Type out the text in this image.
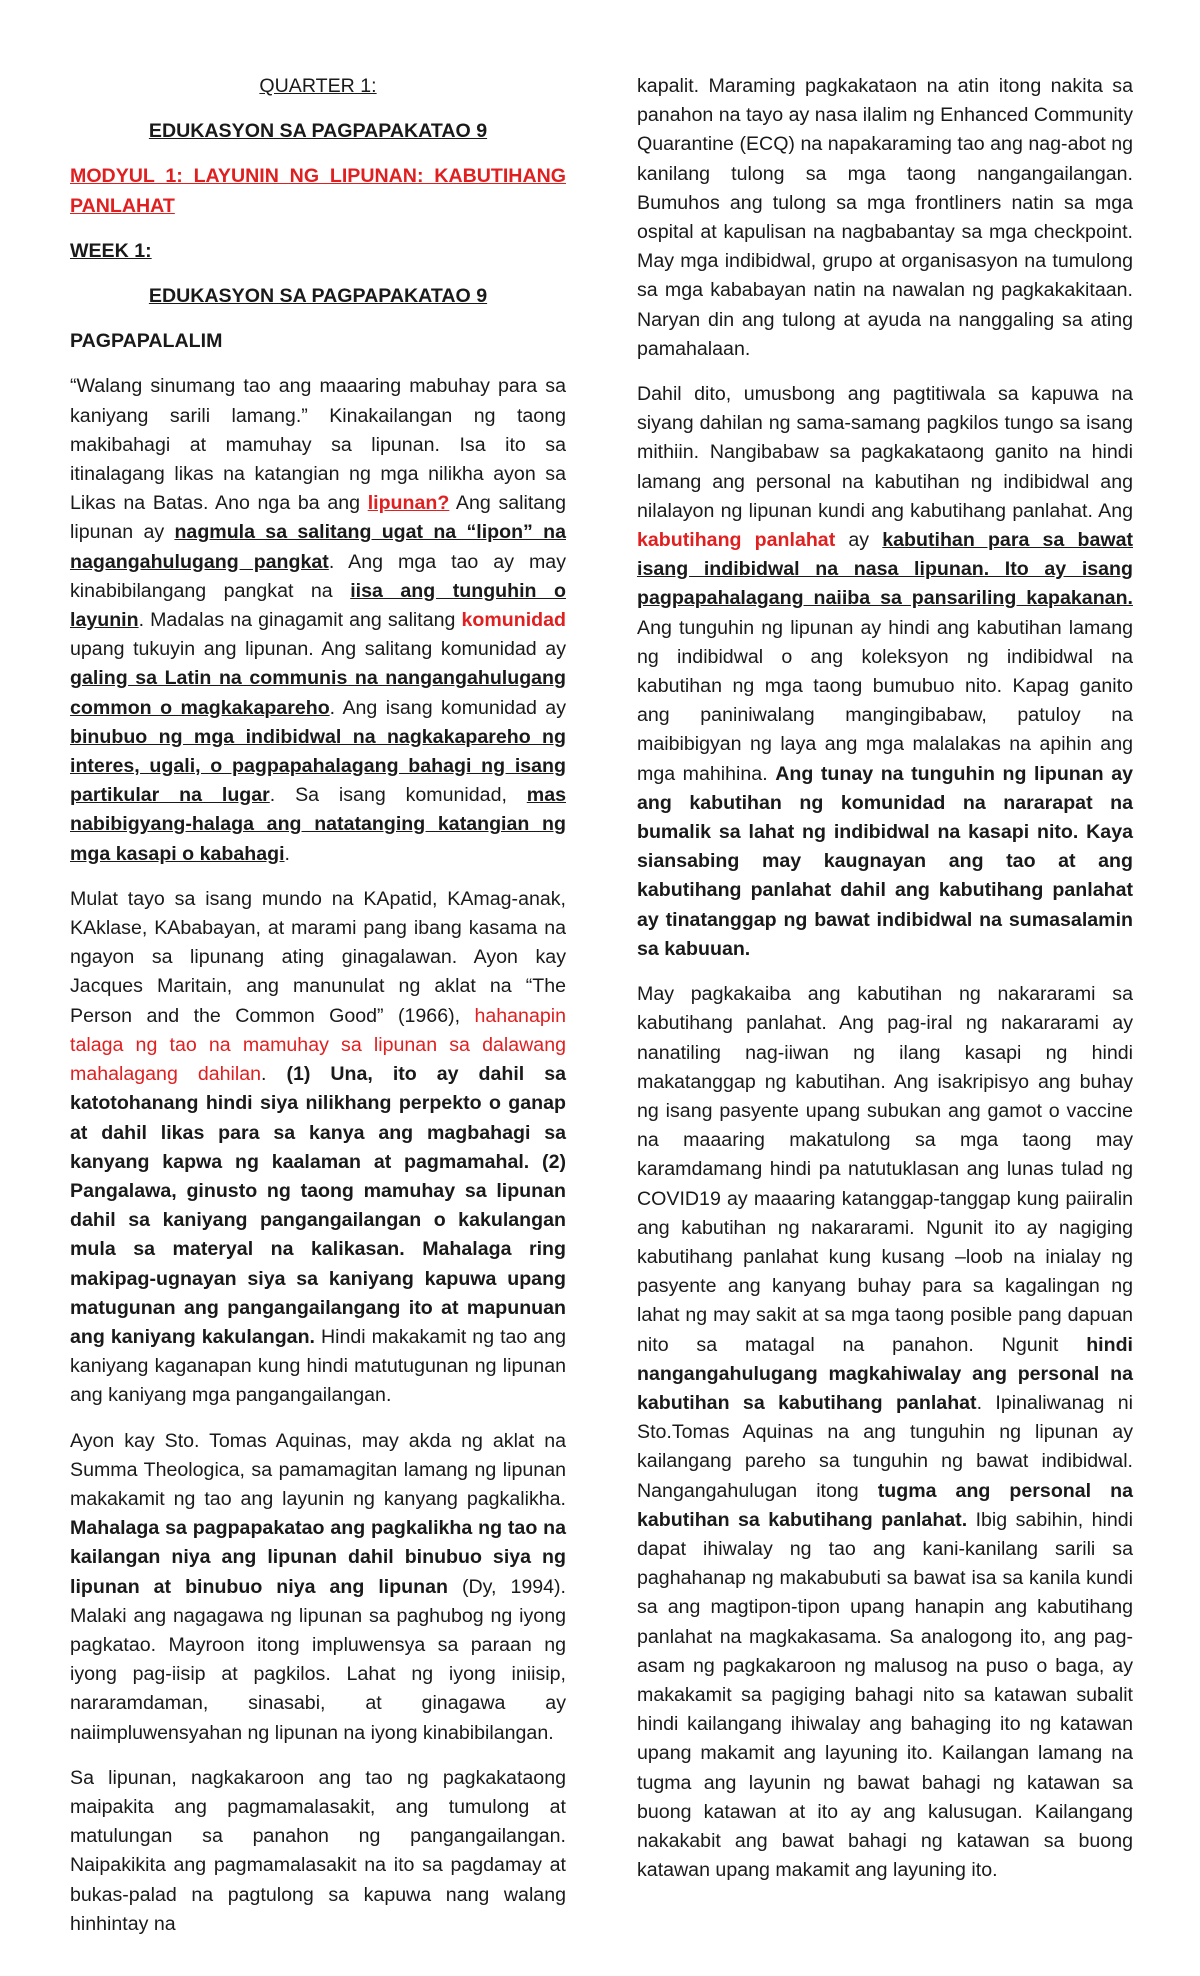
QUARTER 1:

EDUKASYON SA PAGPAPAKATAO 9

MODYUL 1: LAYUNIN NG LIPUNAN: KABUTIHANG PANLAHAT

WEEK 1:

EDUKASYON SA PAGPAPAKATAO 9

PAGPAPALALIM

“Walang sinumang tao ang maaaring mabuhay para sa kaniyang sarili lamang.” Kinakailangan ng taong makibahagi at mamuhay sa lipunan. Isa ito sa itinalagang likas na katangian ng mga nilikha ayon sa Likas na Batas. Ano nga ba ang lipunan? Ang salitang lipunan ay nagmula sa salitang ugat na “lipon” na nagangahulugang pangkat. Ang mga tao ay may kinabibilangang pangkat na iisa ang tunguhin o layunin. Madalas na ginagamit ang salitang komunidad upang tukuyin ang lipunan. Ang salitang komunidad ay galing sa Latin na communis na nangangahulugang common o magkakapareho. Ang isang komunidad ay binubuo ng mga indibidwal na nagkakapareho ng interes, ugali, o pagpapahalagang bahagi ng isang partikular na lugar. Sa isang komunidad, mas nabibigyang-halaga ang natatanging katangian ng mga kasapi o kabahagi.

Mulat tayo sa isang mundo na KApatid, KAmag-anak, KAklase, KAbabayan, at marami pang ibang kasama na ngayon sa lipunang ating ginagalawan. Ayon kay Jacques Maritain, ang manunulat ng aklat na “The Person and the Common Good” (1966), hahanapin talaga ng tao na mamuhay sa lipunan sa dalawang mahalagang dahilan. (1) Una, ito ay dahil sa katotohanang hindi siya nilikhang perpekto o ganap at dahil likas para sa kanya ang magbahagi sa kanyang kapwa ng kaalaman at pagmamahal. (2) Pangalawa, ginusto ng taong mamuhay sa lipunan dahil sa kaniyang pangangailangan o kakulangan mula sa materyal na kalikasan. Mahalaga ring makipag-ugnayan siya sa kaniyang kapuwa upang matugunan ang pangangailangang ito at mapunuan ang kaniyang kakulangan. Hindi makakamit ng tao ang kaniyang kaganapan kung hindi matutugunan ng lipunan ang kaniyang mga pangangailangan.

Ayon kay Sto. Tomas Aquinas, may akda ng aklat na Summa Theologica, sa pamamagitan lamang ng lipunan makakamit ng tao ang layunin ng kanyang pagkalikha. Mahalaga sa pagpapakatao ang pagkalikha ng tao na kailangan niya ang lipunan dahil binubuo siya ng lipunan at binubuo niya ang lipunan (Dy, 1994). Malaki ang nagagawa ng lipunan sa paghubog ng iyong pagkatao. Mayroon itong impluwensya sa paraan ng iyong pag-iisip at pagkilos. Lahat ng iyong iniisip, nararamdaman, sinasabi, at ginagawa ay naiimpluwensyahan ng lipunan na iyong kinabibilangan.

Sa lipunan, nagkakaroon ang tao ng pagkakataong maipakita ang pagmamalasakit, ang tumulong at matulungan sa panahon ng pangangailangan. Naipakikita ang pagmamalasakit na ito sa pagdamay at bukas-palad na pagtulong sa kapuwa nang walang hinhintay na

kapalit. Maraming pagkakataon na atin itong nakita sa panahon na tayo ay nasa ilalim ng Enhanced Community Quarantine (ECQ) na napakaraming tao ang nag-abot ng kanilang tulong sa mga taong nangangailangan. Bumuhos ang tulong sa mga frontliners natin sa mga ospital at kapulisan na nagbabantay sa mga checkpoint. May mga indibidwal, grupo at organisasyon na tumulong sa mga kababayan natin na nawalan ng pagkakakitaan. Naryan din ang tulong at ayuda na nanggaling sa ating pamahalaan.

Dahil dito, umusbong ang pagtitiwala sa kapuwa na siyang dahilan ng sama-samang pagkilos tungo sa isang mithiin. Nangibabaw sa pagkakataong ganito na hindi lamang ang personal na kabutihan ng indibidwal ang nilalayon ng lipunan kundi ang kabutihang panlahat. Ang kabutihang panlahat ay kabutihan para sa bawat isang indibidwal na nasa lipunan. Ito ay isang pagpapahalagang naiiba sa pansariling kapakanan. Ang tunguhin ng lipunan ay hindi ang kabutihan lamang ng indibidwal o ang koleksyon ng indibidwal na kabutihan ng mga taong bumubuo nito. Kapag ganito ang paniniwalang mangingibabaw, patuloy na maibibigyan ng laya ang mga malalakas na apihin ang mga mahihina. Ang tunay na tunguhin ng lipunan ay ang kabutihan ng komunidad na nararapat na bumalik sa lahat ng indibidwal na kasapi nito. Kaya siansabing may kaugnayan ang tao at ang kabutihang panlahat dahil ang kabutihang panlahat ay tinatanggap ng bawat indibidwal na sumasalamin sa kabuuan.

May pagkakaiba ang kabutihan ng nakararami sa kabutihang panlahat. Ang pag-iral ng nakararami ay nanatiling nag-iiwan ng ilang kasapi ng hindi makatanggap ng kabutihan. Ang isakripisyo ang buhay ng isang pasyente upang subukan ang gamot o vaccine na maaaring makatulong sa mga taong may karamdamang hindi pa natutuklasan ang lunas tulad ng COVID19 ay maaaring katanggap-tanggap kung paiiralin ang kabutihan ng nakararami. Ngunit ito ay nagiging kabutihang panlahat kung kusang –loob na inialay ng pasyente ang kanyang buhay para sa kagalingan ng lahat ng may sakit at sa mga taong posible pang dapuan nito sa matagal na panahon. Ngunit hindi nangangahulugang magkahiwalay ang personal na kabutihan sa kabutihang panlahat. Ipinaliwanag ni Sto.Tomas Aquinas na ang tunguhin ng lipunan ay kailangang pareho sa tunguhin ng bawat indibidwal. Nangangahulugan itong tugma ang personal na kabutihan sa kabutihang panlahat. Ibig sabihin, hindi dapat ihiwalay ng tao ang kani-kanilang sarili sa paghahanap ng makabubuti sa bawat isa sa kanila kundi sa ang magtipon-tipon upang hanapin ang kabutihang panlahat na magkakasama. Sa analogong ito, ang pag-asam ng pagkakaroon ng malusog na puso o baga, ay makakamit sa pagiging bahagi nito sa katawan subalit hindi kailangang ihiwalay ang bahaging ito ng katawan upang makamit ang layuning ito. Kailangan lamang na tugma ang layunin ng bawat bahagi ng katawan sa buong katawan at ito ay ang kalusugan. Kailangang nakakabit ang bawat bahagi ng katawan sa buong katawan upang makamit ang layuning ito.
